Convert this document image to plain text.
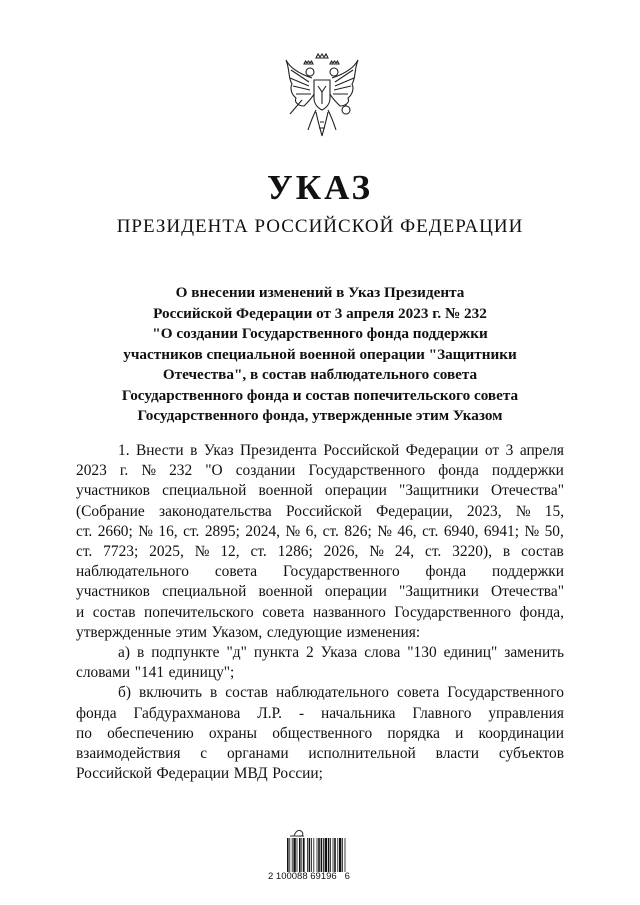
УКАЗ
ПРЕЗИДЕНТА РОССИЙСКОЙ ФЕДЕРАЦИИ
О внесении изменений в Указ Президента
Российской Федерации от 3 апреля 2023 г. № 232
"О создании Государственного фонда поддержки
участников специальной военной операции "Защитники
Отечества", в состав наблюдательного совета
Государственного фонда и состав попечительского совета
Государственного фонда, утвержденные этим Указом
1. Внести в Указ Президента Российской Федерации от 3 апреля
2023 г. № 232 "О создании Государственного фонда поддержки
участников специальной военной операции "Защитники Отечества"
(Собрание законодательства Российской Федерации, 2023, № 15,
ст. 2660; № 16, ст. 2895; 2024, № 6, ст. 826; № 46, ст. 6940, 6941; № 50,
ст. 7723; 2025, № 12, ст. 1286; 2026, № 24, ст. 3220), в состав
наблюдательного совета Государственного фонда поддержки
участников специальной военной операции "Защитники Отечества"
и состав попечительского совета названного Государственного фонда,
утвержденные этим Указом, следующие изменения:
а) в подпункте "д" пункта 2 Указа слова "130 единиц" заменить
словами "141 единицу";
б) включить в состав наблюдательного совета Государственного
фонда Габдурахманова Л.Р. - начальника Главного управления
по обеспечению охраны общественного порядка и координации
взаимодействия с органами исполнительной власти субъектов
Российской Федерации МВД России;
2 100088 69196   6
